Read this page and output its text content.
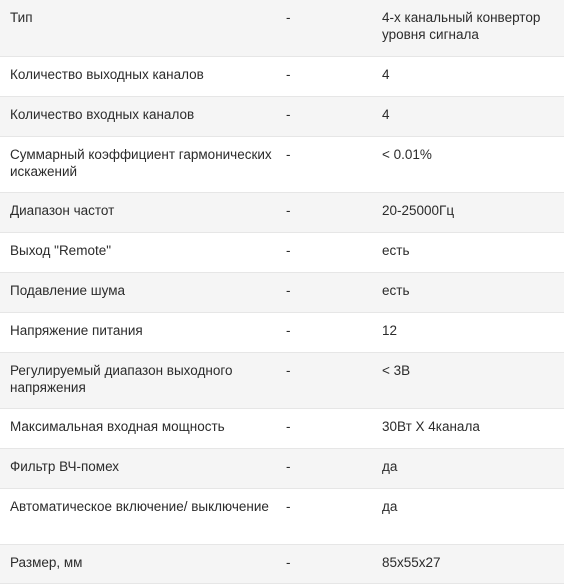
Тип	-	4-х канальный конвертор уровня сигнала

Количество выходных каналов	-	4

Количество входных каналов	-	4

Суммарный коэффициент гармонических искажений	-	< 0.01%

Диапазон частот	-	20-25000Гц

Выход "Remote"	-	есть

Подавление шума	-	есть

Напряжение питания	-	12

Регулируемый диапазон выходного напряжения	-	< 3В

Максимальная входная мощность	-	30Вт Х 4канала

Фильтр ВЧ-помех	-	да

Автоматическое включение/ выключение	-	да

Размер, мм	-	85x55x27
